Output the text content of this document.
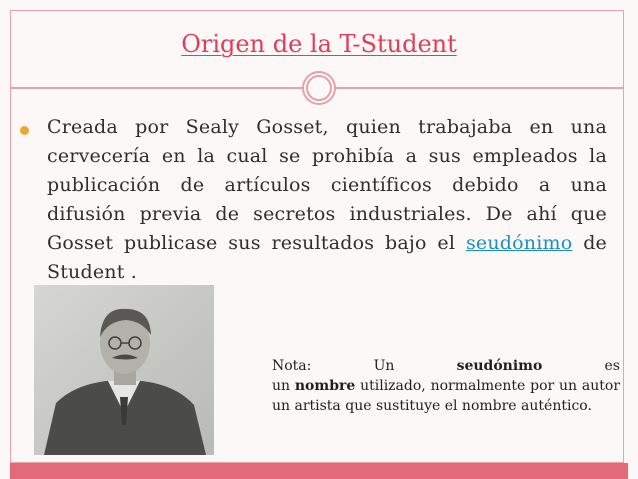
Origen de la T-Student
Creada por Sealy Gosset, quien trabajaba en una cervecería en la cual se prohibía a sus empleados la publicación de artículos científicos debido a una difusión previa de secretos industriales. De ahí que Gosset publicase sus resultados bajo el seudónimo de Student .
Nota:	Un	seudónimo	es
un nombre utilizado, normalmente por un autor un artista que sustituye el nombre auténtico.
